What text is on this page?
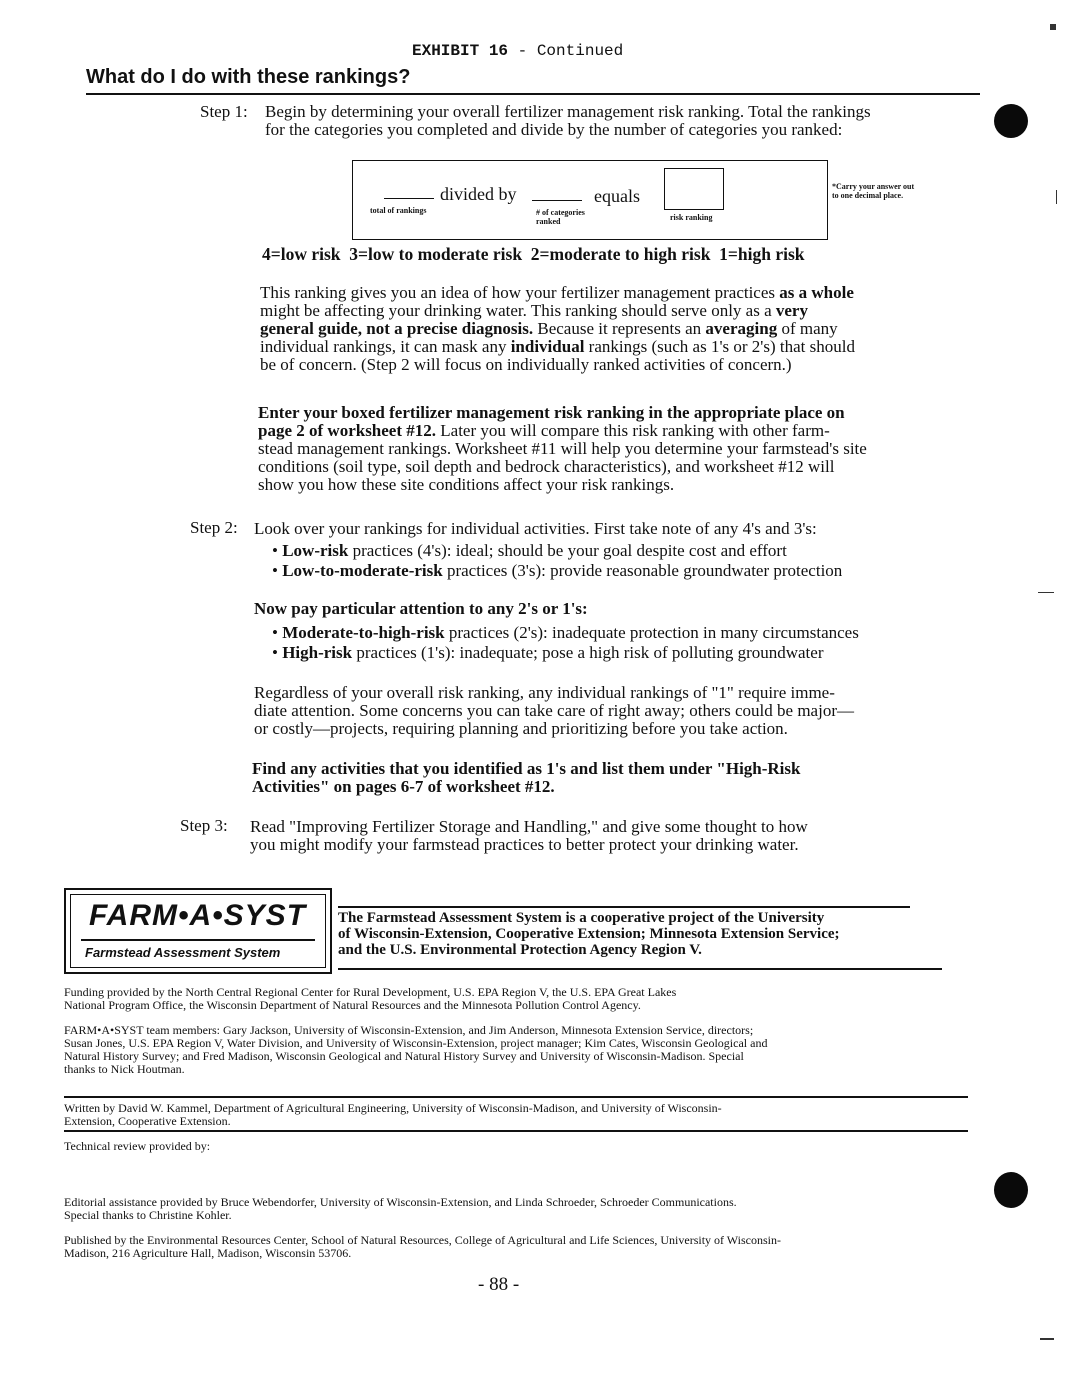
EXHIBIT 16 - Continued
What do I do with these rankings?
Step 1: Begin by determining your overall fertilizer management risk ranking. Total the rankings
for the categories you completed and divide by the number of categories you ranked:
divided by	equals
total of rankings	# of categories
ranked	risk ranking
*Carry your answer out
to one decimal place.
4=low risk  3=low to moderate risk  2=moderate to high risk  1=high risk
This ranking gives you an idea of how your fertilizer management practices as a whole
might be affecting your drinking water. This ranking should serve only as a very
general guide, not a precise diagnosis. Because it represents an averaging of many
individual rankings, it can mask any individual rankings (such as 1's or 2's) that should
be of concern. (Step 2 will focus on individually ranked activities of concern.)
Enter your boxed fertilizer management risk ranking in the appropriate place on
page 2 of worksheet #12. Later you will compare this risk ranking with other farm-
stead management rankings. Worksheet #11 will help you determine your farmstead's site
conditions (soil type, soil depth and bedrock characteristics), and worksheet #12 will
show you how these site conditions affect your risk rankings.
Step 2: Look over your rankings for individual activities. First take note of any 4's and 3's:
• Low-risk practices (4's): ideal; should be your goal despite cost and effort
• Low-to-moderate-risk practices (3's): provide reasonable groundwater protection
Now pay particular attention to any 2's or 1's:
• Moderate-to-high-risk practices (2's): inadequate protection in many circumstances
• High-risk practices (1's): inadequate; pose a high risk of polluting groundwater
Regardless of your overall risk ranking, any individual rankings of "1" require imme-
diate attention. Some concerns you can take care of right away; others could be major—
or costly—projects, requiring planning and prioritizing before you take action.
Find any activities that you identified as 1's and list them under "High-Risk
Activities" on pages 6-7 of worksheet #12.
Step 3: Read "Improving Fertilizer Storage and Handling," and give some thought to how
you might modify your farmstead practices to better protect your drinking water.
FARM•A•SYST
Farmstead Assessment System
The Farmstead Assessment System is a cooperative project of the University
of Wisconsin-Extension, Cooperative Extension; Minnesota Extension Service;
and the U.S. Environmental Protection Agency Region V.
Funding provided by the North Central Regional Center for Rural Development, U.S. EPA Region V, the U.S. EPA Great Lakes
National Program Office, the Wisconsin Department of Natural Resources and the Minnesota Pollution Control Agency.
FARM•A•SYST team members: Gary Jackson, University of Wisconsin-Extension, and Jim Anderson, Minnesota Extension Service, directors;
Susan Jones, U.S. EPA Region V, Water Division, and University of Wisconsin-Extension, project manager; Kim Cates, Wisconsin Geological and
Natural History Survey; and Fred Madison, Wisconsin Geological and Natural History Survey and University of Wisconsin-Madison. Special
thanks to Nick Houtman.
Written by David W. Kammel, Department of Agricultural Engineering, University of Wisconsin-Madison, and University of Wisconsin-
Extension, Cooperative Extension.
Technical review provided by:
Editorial assistance provided by Bruce Webendorfer, University of Wisconsin-Extension, and Linda Schroeder, Schroeder Communications.
Special thanks to Christine Kohler.
Published by the Environmental Resources Center, School of Natural Resources, College of Agricultural and Life Sciences, University of Wisconsin-
Madison, 216 Agriculture Hall, Madison, Wisconsin 53706.
- 88 -
